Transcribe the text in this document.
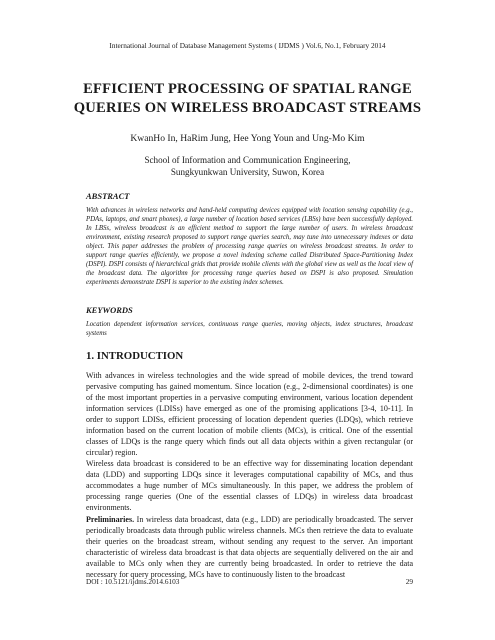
International Journal of Database Management Systems ( IJDMS ) Vol.6, No.1, February 2014
EFFICIENT PROCESSING OF SPATIAL RANGE
QUERIES ON WIRELESS BROADCAST STREAMS
KwanHo In, HaRim Jung, Hee Yong Youn and Ung-Mo Kim
School of Information and Communication Engineering,
Sungkyunkwan University, Suwon, Korea
ABSTRACT
With advances in wireless networks and hand-held computing devices equipped with location sensing capability (e.g., PDAs, laptops, and smart phones), a large number of location based services (LBSs) have been successfully deployed. In LBSs, wireless broadcast is an efficient method to support the large number of users. In wireless broadcast environment, existing research proposed to support range queries search, may tune into unnecessary indexes or data object. This paper addresses the problem of processing range queries on wireless broadcast streams. In order to support range queries efficiently, we propose a novel indexing scheme called Distributed Space-Partitioning Index (DSPI). DSPI consists of hierarchical grids that provide mobile clients with the global view as well as the local view of the broadcast data. The algorithm for processing range queries based on DSPI is also proposed. Simulation experiments demonstrate DSPI is superior to the existing index schemes.
KEYWORDS
Location dependent information services, continuous range queries, moving objects, index structures, broadcast systems
1. INTRODUCTION
With advances in wireless technologies and the wide spread of mobile devices, the trend toward pervasive computing has gained momentum. Since location (e.g., 2-dimensional coordinates) is one of the most important properties in a pervasive computing environment, various location dependent information services (LDISs) have emerged as one of the promising applications [3-4, 10-11]. In order to support LDISs, efficient processing of location dependent queries (LDQs), which retrieve information based on the current location of mobile clients (MCs), is critical. One of the essential classes of LDQs is the range query which finds out all data objects within a given rectangular (or circular) region.
Wireless data broadcast is considered to be an effective way for disseminating location dependant data (LDD) and supporting LDQs since it leverages computational capability of MCs, and thus accommodates a huge number of MCs simultaneously. In this paper, we address the problem of processing range queries (One of the essential classes of LDQs) in wireless data broadcast environments.
Preliminaries. In wireless data broadcast, data (e.g., LDD) are periodically broadcasted. The server periodically broadcasts data through public wireless channels. MCs then retrieve the data to evaluate their queries on the broadcast stream, without sending any request to the server. An important characteristic of wireless data broadcast is that data objects are sequentially delivered on the air and available to MCs only when they are currently being broadcasted. In order to retrieve the data necessary for query processing, MCs have to continuously listen to the broadcast
DOI : 10.5121/ijdms.2014.6103	29
